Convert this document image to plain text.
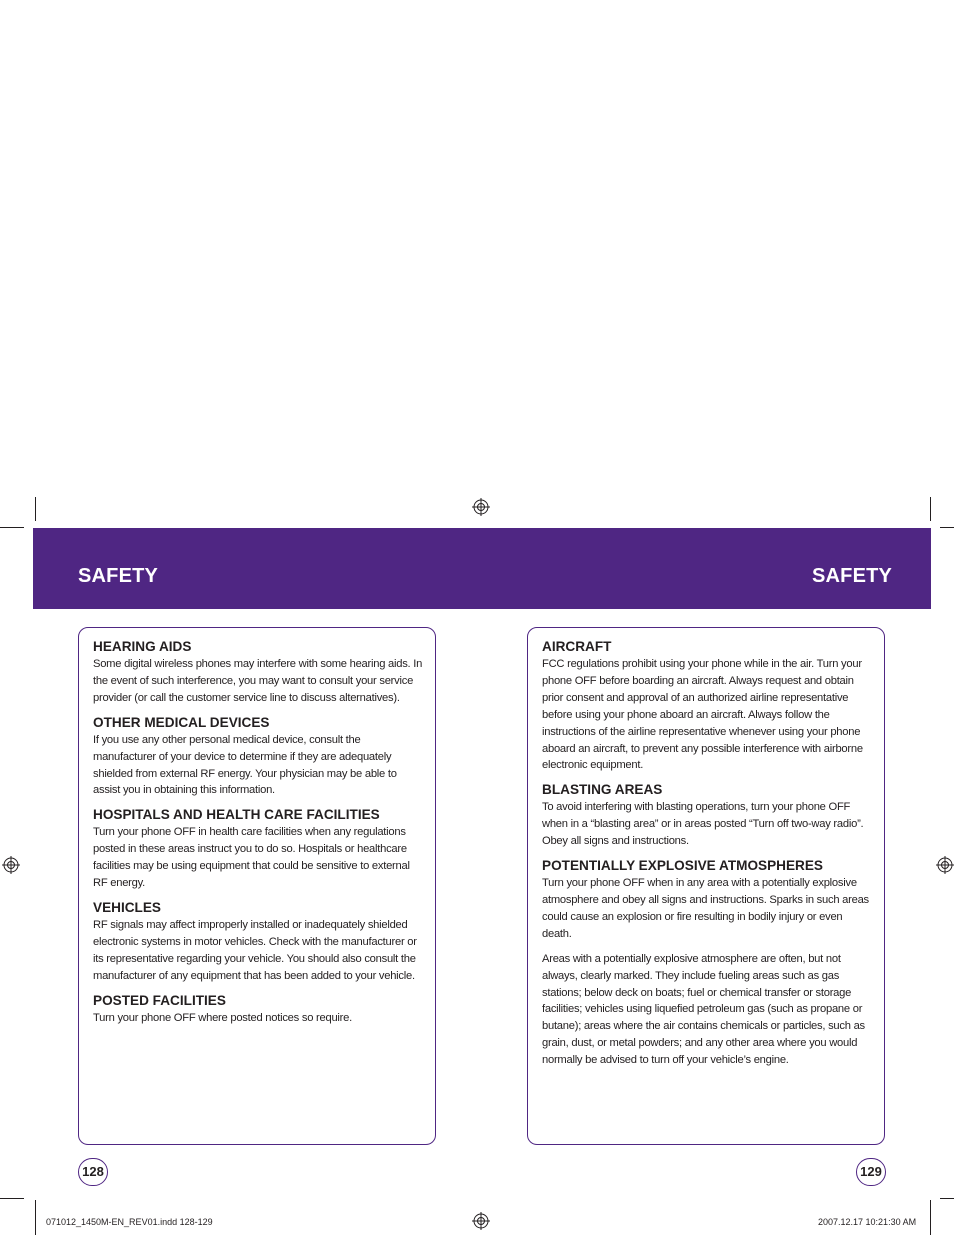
SAFETY	SAFETY
HEARING AIDS

Some digital wireless phones may interfere with some hearing aids. In the event of such interference, you may want to consult your service provider (or call the customer service line to discuss alternatives).

OTHER MEDICAL DEVICES

If you use any other personal medical device, consult the manufacturer of your device to determine if they are adequately shielded from external RF energy. Your physician may be able to assist you in obtaining this information.

HOSPITALS AND HEALTH CARE FACILITIES

Turn your phone OFF in health care facilities when any regulations posted in these areas instruct you to do so. Hospitals or healthcare facilities may be using equipment that could be sensitive to external RF energy.

VEHICLES

RF signals may affect improperly installed or inadequately shielded electronic systems in motor vehicles. Check with the manufacturer or its representative regarding your vehicle. You should also consult the manufacturer of any equipment that has been added to your vehicle.

POSTED FACILITIES

Turn your phone OFF where posted notices so require.

AIRCRAFT

FCC regulations prohibit using your phone while in the air. Turn your phone OFF before boarding an aircraft. Always request and obtain prior consent and approval of an authorized airline representative before using your phone aboard an aircraft. Always follow the instructions of the airline representative whenever using your phone aboard an aircraft, to prevent any possible interference with airborne electronic equipment.

BLASTING AREAS

To avoid interfering with blasting operations, turn your phone OFF when in a “blasting area” or in areas posted “Turn off two-way radio”. Obey all signs and instructions.

POTENTIALLY EXPLOSIVE ATMOSPHERES

Turn your phone OFF when in any area with a potentially explosive atmosphere and obey all signs and instructions. Sparks in such areas could cause an explosion or fire resulting in bodily injury or even death.

Areas with a potentially explosive atmosphere are often, but not always, clearly marked. They include fueling areas such as gas stations; below deck on boats; fuel or chemical transfer or storage facilities; vehicles using liquefied petroleum gas (such as propane or butane); areas where the air contains chemicals or particles, such as grain, dust, or metal powders; and any other area where you would normally be advised to turn off your vehicle’s engine.

128	129
071012_1450M-EN_REV01.indd 128-129	2007.12.17 10:21:30 AM
